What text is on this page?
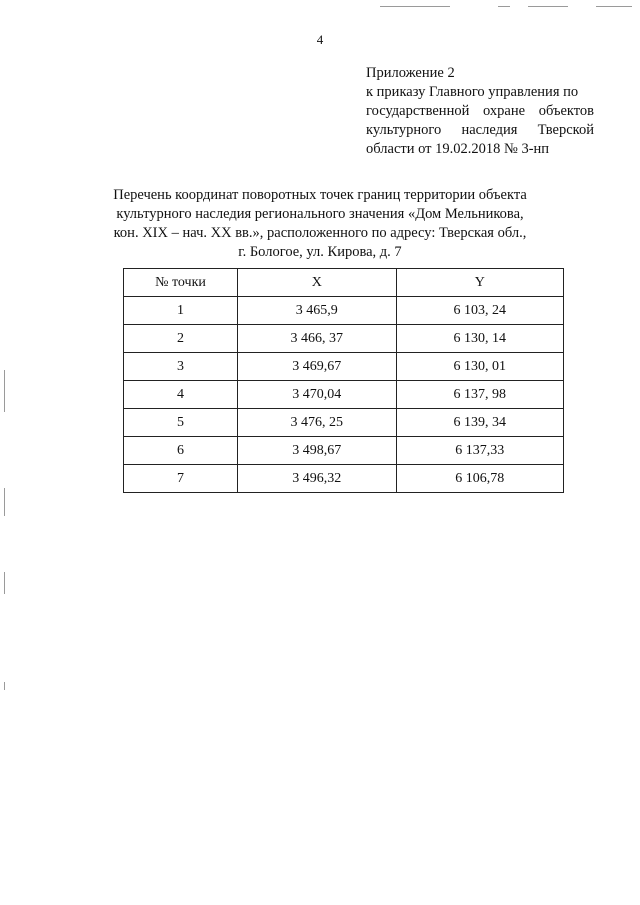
4
Приложение 2
к приказу Главного управления по
государственной охране объектов
культурного наследия Тверской
области от 19.02.2018 № 3-нп
Перечень координат поворотных точек границ территории объекта
культурного наследия регионального значения «Дом Мельникова,
кон. XIX – нач. XX вв.», расположенного по адресу: Тверская обл.,
г. Бологое, ул. Кирова, д. 7
№ точки	X	Y
1	3 465,9	6 103, 24
2	3 466, 37	6 130, 14
3	3 469,67	6 130, 01
4	3 470,04	6 137, 98
5	3 476, 25	6 139, 34
6	3 498,67	6 137,33
7	3 496,32	6 106,78
